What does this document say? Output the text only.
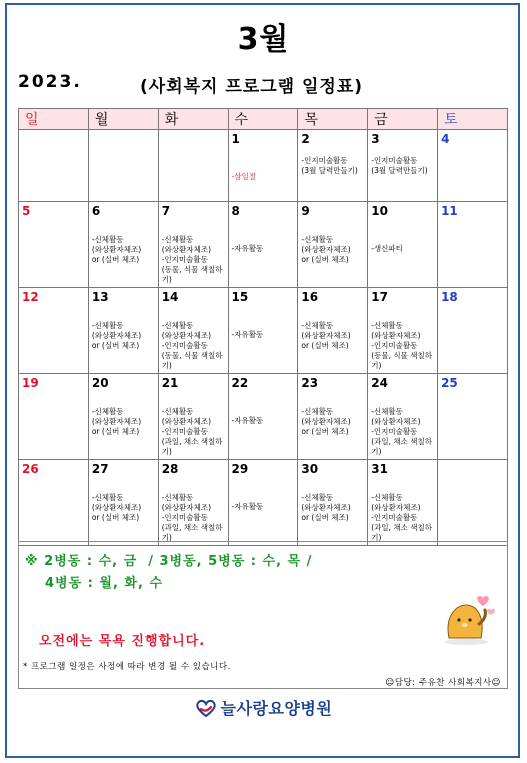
3월
2023.	(사회복지 프로그램 일정표)
일	월	화	수	목	금	토

			1
-삼일절	2
-인지미술활동
(3월 달력만들기)	3
-인지미술활동
(3월 달력만들기)	4

5	6
-신체활동
(와상환자체조)
or (실버 체조)	7
-신체활동
(와상환자체조)
-인지미술활동
(동물, 식물 색칠하기)	8
-자유활동	9
-신체활동
(와상환자체조)
or (실버 체조)	10
-생신파티	11

12	13
-신체활동
(와상환자체조)
or (실버 체조)	14
-신체활동
(와상환자체조)
-인지미술활동
(동물, 식물 색칠하기)	15
-자유활동	16
-신체활동
(와상환자체조)
or (실버 체조)	17
-신체활동
(와상환자체조)
-인지미술활동
(동물, 식물 색칠하기)	18

19	20
-신체활동
(와상환자체조)
or (실버 체조)	21
-신체활동
(와상환자체조)
-인지미술활동
(과일, 채소 색칠하기)	22
-자유활동	23
-신체활동
(와상환자체조)
or (실버 체조)	24
-신체활동
(와상환자체조)
-인지미술활동
(과일, 채소 색칠하기)	25

26	27
-신체활동
(와상환자체조)
or (실버 체조)	28
-신체활동
(와상환자체조)
-인지미술활동
(과일, 채소 색칠하기)	29
-자유활동	30
-신체활동
(와상환자체조)
or (실버 체조)	31
-신체활동
(와상환자체조)
-인지미술활동
(과일, 채소 색칠하기)	

※ 2병동 : 수, 금  / 3병동, 5병동 : 수, 목 /
4병동 : 월, 화, 수
오전에는 목욕 진행합니다.
* 프로그램 일정은 사정에 따라 변경 될 수 있습니다.
☺담당: 주유찬 사회복지사☺
늘사랑요양병원
